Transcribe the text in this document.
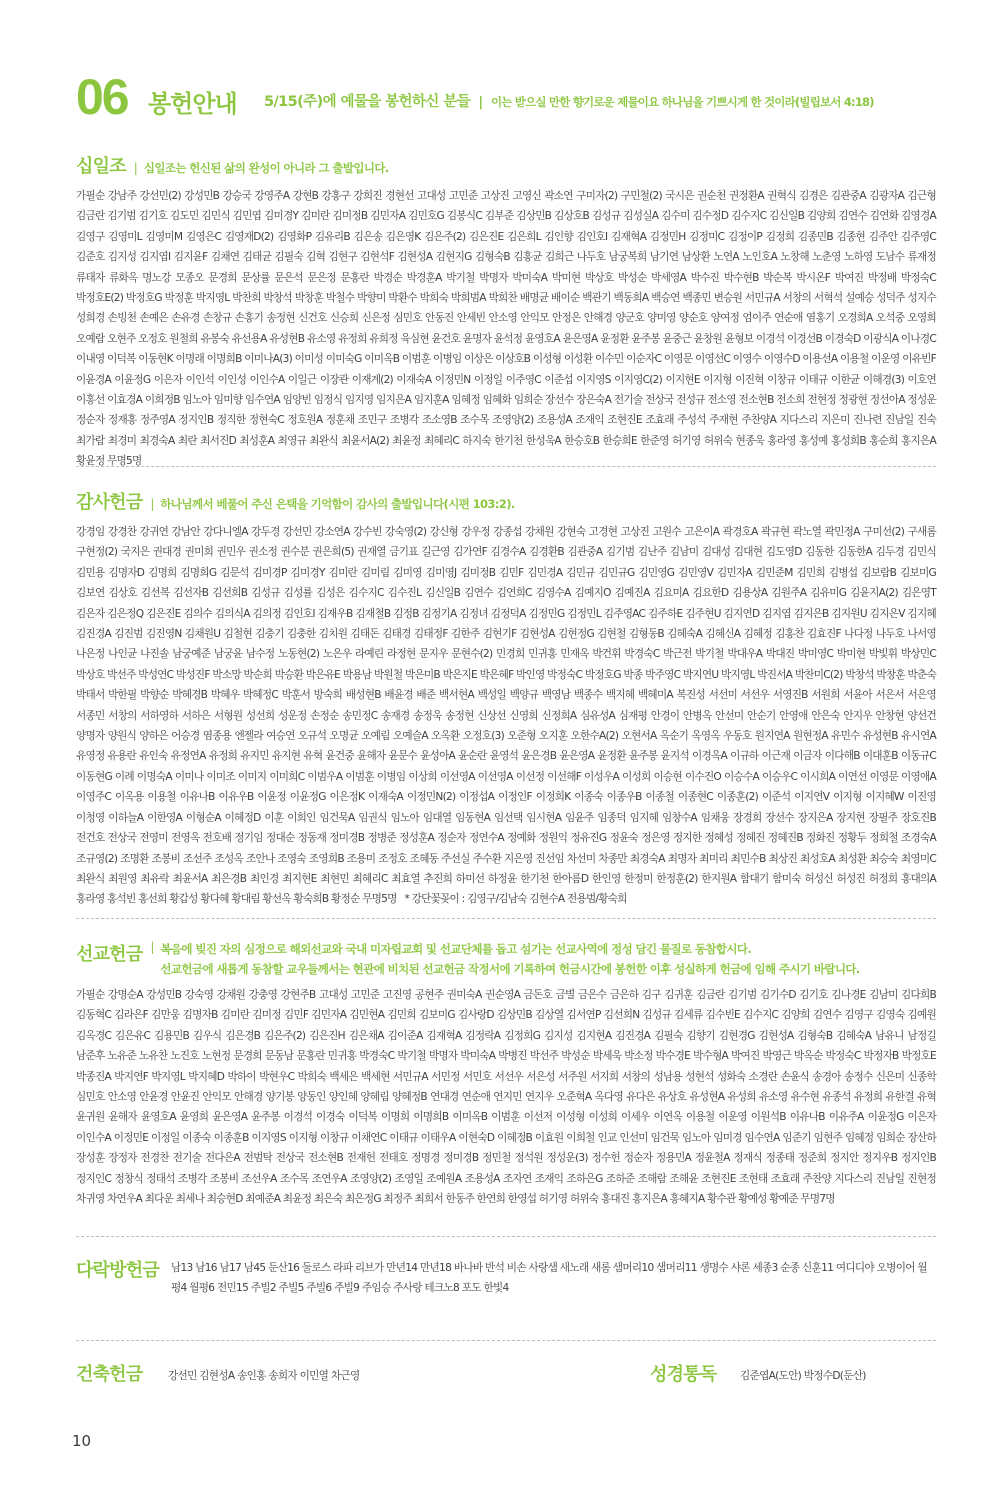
06 봉헌안내 5/15(주)에 예물을 봉헌하신 분들  |  이는 받으실 만한 향기로운 제물이요 하나님을 기쁘시게 한 것이라(빌립보서 4:18)
십일조 | 십일조는 헌신된 삶의 완성이 아니라 그 출발입니다.
가필순 강남주 강선민(2) 강성민B 강승국 강영주A 강현B 강홍구 강희진 경현선 고대성 고민준 고상진 고영신 곽소연 구미자(2) 구민철(2) 국시은 권순천 권정환A 권혁식 김경은 김관중A 김광자A 김근형 김금란 김기범 김기호 김도민 김민식 김민엽 김미경Y 김미란 김미정B 김민자A 김민호G 김봉식C 김부준 김상민B 김상호B 김성규 김성실A 김수미 김수정D 김수지C 김신일B 김양희 김연수 김연화 김영경A 김영구 김영미L 김영미M 김영은C 김영재D(2) 김영화P 김유리B 김은송 김은영K 김은주(2) 김은진E 김은희L 김인향 김인호I 김재혁A 김정민H 김정미C 김정이P 김정희 김종민B 김종현 김주안 김주영C 김준호 김지성 김지엽I 김지윤F 김채연 김태균 김필숙 김혁 김현구 김현석F 김현성A 김현지G 김형숙B 김홍균 김희근 나두호 남궁복희 남기연 남상환 노연A 노인호A 노창해 노춘영 노하영 도남수 류재정 류태자 류화옥 명노강 모종오 문경희 문상률 문은석 문은정 문홍란 박경순 박경훈A 박기철 박명자 박미숙A 박미현 박상호 박성순 박세영A 박수진 박수현B 박순복 박시온F 박여진 박정배 박정숙C 박정호E(2) 박정호G 박정훈 박지영L 박찬희 박창석 박창훈 박철수 박향미 박환수 박희숙 박희범A 박희찬 배명균 배이순 백관기 백동희A 백승연 백종민 변승원 서민규A 서창의 서혁석 설예승 성덕주 성지수 성희경 손빙천 손예은 손유경 손창규 손홍기 송정현 신건호 신승희 신은정 심민호 안동진 안세빈 안소영 안익모 안정은 안해경 양군호 양미영 양순호 양여정 엄이주 연순애 염홍기 오경희A 오석중 오영희 오예람 오현주 오정호 원철희 유봉숙 유선용A 유성현B 유소영 유정희 유희정 육심현 윤건호 윤명자 윤석정 윤영호A 윤은영A 윤정환 윤주봉 윤중근 윤창원 윤형보 이경석 이경선B 이경숙D 이광식A 이나경C 이내영 이덕복 이동현K 이명래 이명희B 이미나A(3) 이미성 이미숙G 이미옥B 이범훈 이병임 이상은 이상호B 이성형 이성환 이수민 이순자C 이영문 이영선C 이영수 이영수D 이용선A 이용철 이운영 이유빈F 이윤경A 이윤정G 이은자 이인석 이인성 이인수A 이일근 이장관 이재계(2) 이재숙A 이정민N 이정일 이주영C 이준섭 이지영S 이지영C(2) 이지현E 이지형 이진혁 이창규 이태규 이한균 이해경(3) 이호연 이홍선 이효경A 이희정B 임노아 임미향 임수연A 임양빈 임정식 임지영 임지은A 임지훈A 임혜정 임혜화 임희순 장선수 장은숙A 전기술 전상국 전성규 전소영 전소현B 전소희 전현정 정광현 정선아A 정성운 정순자 정재홍 정주영A 정지인B 정직한 정현숙C 정호원A 정훈채 조민구 조병각 조소영B 조수목 조영양(2) 조용성A 조재익 조현진E 조효래 주성석 주재현 주찬양A 지다스리 지은미 진나련 진남일 진숙 최가람 최경미 최경숙A 최란 최서진D 최성훈A 최영규 최완식 최윤서A(2) 최윤정 최혜리C 하지숙 한기천 한성욱A 한승호B 한승희E 한준영 허기영 허위숙 현종욱 홍라영 홍성예 홍성희B 홍순희 홍지은A 황윤정 무명5명
감사헌금 | 하나님께서 베풀어 주신 은택을 기억함이 감사의 출발입니다(시편 103:2).
강경임 강경찬 강귀연 강남안 강다니엘A 강두경 강선민 강소연A 강수빈 강숙영(2) 강신형 강우정 강종섭 강채원 강현숙 고경현 고상진 고원수 고은이A 곽경호A 곽규현 곽노열 곽민정A 구미선(2) 구새롬 구현정(2) 국지은 권대경 권미희 권민우 권소정 권수분 권은희(5) 권재열 금기표 길근영 김가연F 김경수A 김경환B 김관중A 김기범 김난주 김남미 김대성 김대현 김도영D 김동한 김동한A 김두경 김민식 김민용 김명자D 김명희 김명희G 김문석 김미경P 김미경Y 김미란 김미림 김미영 김미영J 김미정B 김민F 김민경A 김민규 김민규G 김민영G 김민영V 김민자A 김민준M 김민희 김병섭 김보람B 김보미G 김보연 김상호 김선복 김선자B 김선희B 김성규 김성률 김성은 김수지C 김수진L 김신일B 김연수 김연희C 김영수A 김예지O 김예진A 김요미A 김요한D 김용상A 김원주A 김유미G 김윤지A(2) 김은영T 김은자 김은정Q 김은진E 김의수 김의식A 김의정 김인호I 김재우B 김재철B 김정B 김정기A 김정녀 김정덕A 김정민G 김정민L 김주영AC 김주하E 김주현U 김지연D 김지엽 김지은B 김지원U 김지은V 김지혜 김진경A 김진범 김진영N 김채원U 김철현 김충기 김충한 김치원 김태돈 김태경 김태정F 김한주 김현기F 김현성A 김현정G 김현철 김형동B 김혜숙A 김혜신A 김혜정 김홍찬 김효진F 나다정 나두호 나서영 나은정 나인균 나진솔 남궁예준 남궁윤 남수정 노동현(2) 노은우 라예린 라정현 문지우 문현수(2) 민경희 민귀홍 민재옥 박건휘 박경숙C 박근전 박기철 박대우A 박대진 박미영C 박미현 박빛휘 박상민C 박상호 박선주 박성연C 박성진F 박소망 박순희 박승환 박은유E 박용남 박원철 박은미B 박은지E 박은혜F 박인영 박정숙C 박정호G 박종 박주영C 박지연U 박지영L 박진서A 박찬미C(2) 박창석 박창훈 박춘숙 박태서 박한필 박향순 박혜경B 박혜우 박혜정C 박훈서 방숙희 배성현B 배윤경 배준 백서현A 백성일 백양규 백영남 백종수 백지혜 백혜미A 복진성 서선미 서선우 서영진B 서원희 서윤아 서은서 서은영 서종민 서창의 서하영하 서하은 서형원 성선희 성운정 손정순 송민정C 송재경 송정욱 송정현 신상선 신영희 신정희A 심유성A 심재평 안경이 안병옥 안선미 안순기 안영애 안은숙 안지우 안창현 양선건 양명자 양원식 양하은 어승경 염종용 엔젤라 여승연 오규석 오명균 오예림 오예슬A 오옥환 오정호(3) 오준형 오지훈 오한수A(2) 오현서A 옥순기 옥영옥 우동호 원지연A 원현정A 유민수 유성현B 유시연A 유영정 유용란 유인숙 유정연A 유정희 유지민 유지현 유혁 윤건중 윤해자 윤문수 윤성아A 윤순란 윤영석 윤은경B 윤은영A 윤정환 윤주봉 윤지석 이경옥A 이규하 이근재 이금자 이다해B 이대훈B 이동규C 이동현G 이례 이명숙A 이미나 이미조 이미지 이미희C 이범우A 이범훈 이병임 이상희 이선영A 이선영A 이선정 이선해F 이성우A 이성희 이승현 이수진O 이승수A 이승우C 이시희A 이연선 이영문 이영애A 이영주C 이옥용 이용철 이유나B 이유우B 이윤정 이윤정G 이은정K 이재숙A 이정민N(2) 이정섭A 이정인F 이정희K 이종숙 이종우B 이종철 이종현C 이종훈(2) 이준석 이지연V 이지형 이지혜W 이진영 이청영 이하늘A 이한영A 이형순A 이혜정D 이훈 이희인 임건묵A 임권식 임노아 임대열 임동현A 임선택 임시현A 임윤주 임종덕 임지혜 임창수A 임채웅 장경희 장선수 장지은A 장지현 장필주 장호진B 전건호 전상국 전영미 전영옥 전호배 정기임 정대순 정동재 정미경B 정병준 정성훈A 정순자 정연수A 정예화 정원익 정유진G 정윤숙 정은영 정지한 정혜성 정혜진 정혜진B 정화진 정황두 정희철 조경숙A 조규영(2) 조명환 조봉비 조선주 조성옥 조안나 조영숙 조영희B 조용미 조정호 조혜동 주선실 주수환 지은영 진선임 차선미 차종만 최경숙A 최명자 최미리 최민수B 최상진 최성호A 최성환 최승숙 최영미C 최완식 최원영 최유락 최윤서A 최은경B 최인경 최지현E 최현민 최혜리C 최효열 추진희 하미선 하정윤 한기천 한아름D 한인영 한정미 한정훈(2) 한지원A 함대기 함미숙 허성신 허성진 허정희 홍대의A 홍라영 홍석빈 홍선희 황갑성 황다혜 황대림 황선옥 황숙희B 황정순 무명5명 * 강단꽃꽂이 : 김영구/김남숙 김현수A 전용범/황숙희
선교헌금 | 복음에 빚진 자의 심정으로 해외선교와 국내 미자립교회 및 선교단체를 돕고 섬기는 선교사역에 정성 담긴 물질로 동참합시다.
선교헌금에 새롭게 동참할 교우들께서는 현관에 비치된 선교헌금 작정서에 기록하여 헌금시간에 봉헌한 이후 성실하게 헌금에 임해 주시기 바랍니다.
가필순 강명순A 강성민B 강숙영 강채원 강충영 강현주B 고대성 고민준 고진영 공현주 권미숙A 권순영A 금돈호 금별 금은수 금은하 김구 김귀훈 김금란 김기범 김기수D 김기호 김나경E 김남미 김다희B 김동혁C 김라은F 김만웅 김명자B 김미란 김미정 김민F 김민자A 김민현A 김민희 김보미G 김사랑D 김상민B 김상열 김서연P 김선희N 김성규 김세류 김수빈E 김수지C 김양희 김연수 김영구 김영숙 김예원 김옥경C 김은유C 김용민B 김우식 김은경B 김은주(2) 김은진H 김은채A 김이준A 김재혁A 김정락A 김정희G 김지성 김지현A 김진경A 김필숙 김향기 김현경G 김현성A 김형숙B 김혜숙A 남유니 남정길 남준후 노유준 노유찬 노진호 노현정 문경희 문동남 문홍란 민귀홍 박경숙C 박기철 박명자 박미숙A 박병진 박선주 박성순 박세욱 박소정 박수경E 박수형A 박여진 박영근 박옥순 박정숙C 박정자B 박정호E 박종진A 박지연F 박지영L 박지혜D 박하이 박현우C 박희숙 백세은 백세현 서민규A 서민정 서민호 서선우 서은성 서주원 서지희 서창의 성남용 성현석 성화숙 소경란 손윤식 송경아 송정수 신은미 신종학 심민호 안소영 안윤경 안윤진 안익모 안해경 양기봉 양동인 양인혜 양혜림 양혜정B 연대경 연순애 연지민 연지우 오준혁A 옥다영 유다은 유상호 유성현A 유성희 유소영 유수현 유종석 유정희 유한결 유혁 윤귀원 윤해자 윤영호A 윤영희 윤은영A 윤주봉 이경석 이경숙 이덕복 이명희 이명희B 이미옥B 이범훈 이선저 이성형 이성희 이세우 이연옥 이용철 이운영 이원석B 이유나B 이유주A 이윤정G 이은자 이인수A 이정민E 이정일 이종숙 이종훈B 이지영S 이지형 이창규 이채연C 이태규 이태우A 이현숙D 이혜정B 이효원 이희철 인교 인선미 임건묵 임노아 임미경 임수연A 임준기 임현주 임혜정 임희순 장산하 장성훈 장정자 전경찬 전기술 전다은A 전범탁 전상국 전소현B 전재헌 전태호 정명경 정미경B 정민철 정석원 정성운(3) 정수헌 정순자 정용민A 정윤철A 정재식 정종태 정준희 정지안 정지우B 정지인B 정지인C 정창식 정태석 조병각 조봉비 조선우A 조수목 조연우A 조영양(2) 조영일 조예원A 조용성A 조자연 조재익 조하은G 조하준 조해람 조해윤 조현진E 조현태 조효래 주찬양 지다스리 진남일 진현정 차귀영 차연우A 최다운 최세나 최승현D 최예준A 최윤정 최은숙 최은정G 최정주 최희서 한동주 한연희 한영섭 허기영 허위숙 홍대진 홍지은A 홍혜지A 황수관 황예성 황예준 무명7명
다락방헌금 남13 남16 남17 남45 둔산16 둘로스 라파 리브가 만년14 만년18 바나바 반석 비손 사랑샘 새노래 새롬 샘머리10 샘머리11 생명수 샤론 세종3 순종 신훈11 여디디야 오병이어 월평4 월평6 전민15 주빌2 주빌5 주빌6 주빌9 주임승 주사랑 테크노8 포도 한빛4
건축헌금 강선민 김현성A 송인홍 송희자 이민열 차근영	성경통독 김준엽A(도안) 박정수D(둔산)
10
